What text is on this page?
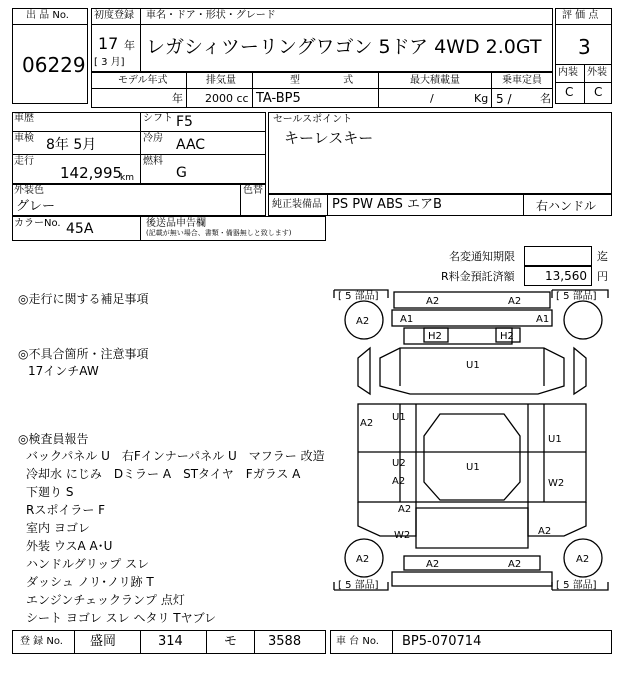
出 品 No.
06229
初度登録 車名・ドア・形状・グレード
17 年
[ 3 月]
レガシィツーリングワゴン 5ドア 4WD 2.0GT
評 価 点
3
内装 外装
C C
モデル年式
年
排気量
2000 cc
型 式
TA-BP5
最大積載量
/	Kg
乗車定員
5 /	名
車歴	シフト F5
車検 8年 5月	冷房 AAC
走行
142,995
km
燃料
G
セールスポイント
キーレスキー
外装色
グレー
色替
純正装備品 PS PW ABS エアB	右ハンドル
カラーNo. 45A	後送品申告欄
(記載が無い場合、書類・備器無しと致します)
名変通知期限	迄
R料金預託済額	13,560 円
◎走行に関する補足事項
◎不具合箇所・注意事項
17インチAW
◎検査員報告
バックパネル U　右Fインナーパネル U　マフラー 改造
冷却水 にじみ　Dミラー A　STタイヤ　Fガラス A
下廻り S
Rスポイラー F
室内 ヨゴレ
外装 ウスA A･U
ハンドルグリップ スレ
ダッシュ ノリ･ノリ跡 T
エンジンチェックランプ 点灯
シート ヨゴレ スレ ヘタリ Tヤブレ
[ 5 部品]	[ 5 部品]
[ 5 部品]	[ 5 部品]
A2
A2	A2
A1	A1
H2	H2
U1
A2
U1
U1
U2
A2
U1
W2
A2
W2	A2
A2	A2
A2	A2
登 録 No. 盛岡	314	モ 3588	車 台 No. BP5-070714
